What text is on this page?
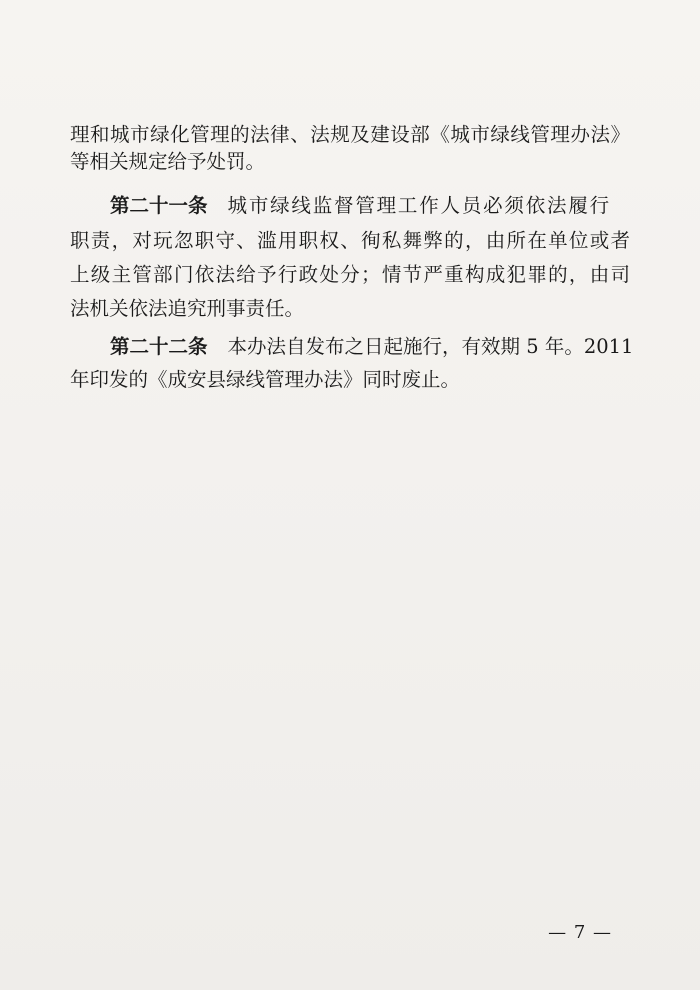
理和城市绿化管理的法律、法规及建设部《城市绿线管理办法》
等相关规定给予处罚。
第二十一条 城市绿线监督管理工作人员必须依法履行
职责，对玩忽职守、滥用职权、徇私舞弊的，由所在单位或者
上级主管部门依法给予行政处分；情节严重构成犯罪的，由司
法机关依法追究刑事责任。
第二十二条 本办法自发布之日起施行，有效期 5 年。2011
年印发的《成安县绿线管理办法》同时废止。
— 7 —
